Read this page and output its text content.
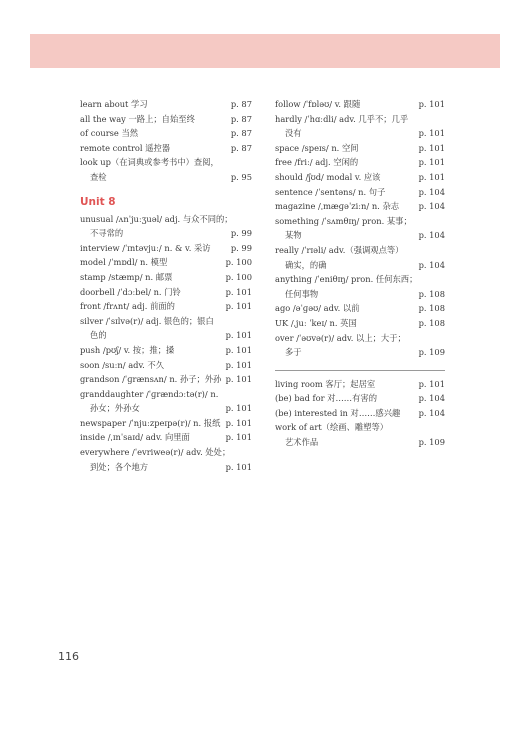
learn about 学习	p. 87
all the way 一路上；自始至终	p. 87
of course 当然	p. 87
remote control 遥控器	p. 87
look up（在词典或参考书中）查阅，
查检	p. 95
Unit 8
unusual /ʌnˈjuːʒuəl/ adj. 与众不同的；
不寻常的	p. 99
interview /ˈɪntəvjuː/ n. & v. 采访	p. 99
model /ˈmɒdl/ n. 模型	p. 100
stamp /stæmp/ n. 邮票	p. 100
doorbell /ˈdɔːbel/ n. 门铃	p. 101
front /frʌnt/ adj. 前面的	p. 101
silver /ˈsɪlvə(r)/ adj. 银色的；银白
色的	p. 101
push /pʊʃ/ v. 按；推；搡	p. 101
soon /suːn/ adv. 不久	p. 101
grandson /ˈɡrænsʌn/ n. 孙子；外孙 p. 101
granddaughter /ˈɡrændɔːtə(r)/ n.
孙女；外孙女	p. 101
newspaper /ˈnjuːzpeɪpə(r)/ n. 报纸 p. 101
inside /ˌɪnˈsaɪd/ adv. 向里面	p. 101
everywhere /ˈevriweə(r)/ adv. 处处；
到处；各个地方	p. 101
follow /ˈfɒləʊ/ v. 跟随	p. 101
hardly /ˈhɑːdli/ adv. 几乎不；几乎
没有	p. 101
space /speɪs/ n. 空间	p. 101
free /friː/ adj. 空闲的	p. 101
should /ʃʊd/ modal v. 应该	p. 101
sentence /ˈsentəns/ n. 句子	p. 104
magazine /ˌmæɡəˈziːn/ n. 杂志	p. 104
something /ˈsʌmθɪŋ/ pron. 某事；
某物	p. 104
really /ˈrɪəli/ adv.（强调观点等）
确实，的确	p. 104
anything /ˈeniθɪŋ/ pron. 任何东西；
任何事物	p. 108
ago /əˈɡəʊ/ adv. 以前	p. 108
UK /ˌjuː ˈkeɪ/ n. 英国	p. 108
over /ˈəʊvə(r)/ adv. 以上；大于；
多于	p. 109
living room 客厅；起居室	p. 101
(be) bad for 对……有害的	p. 104
(be) interested in 对……感兴趣	p. 104
work of art（绘画、雕塑等）
艺术作品	p. 109
116
